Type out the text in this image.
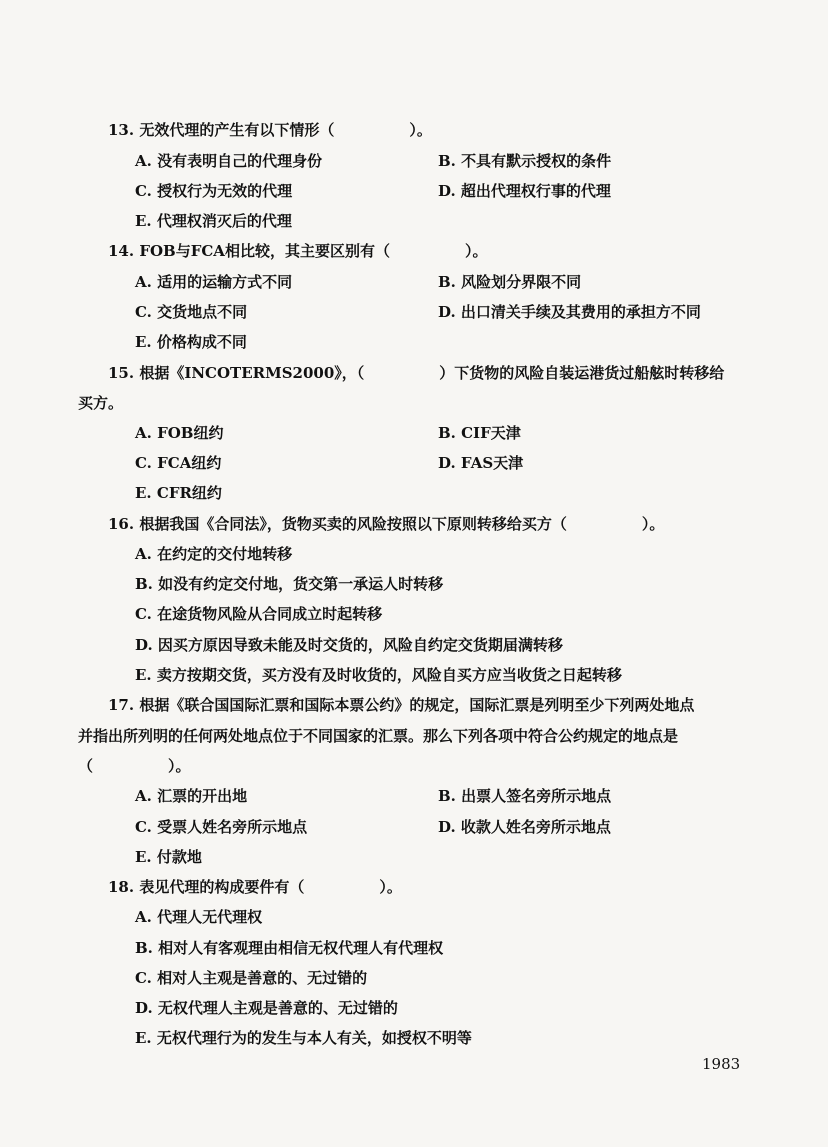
13. 无效代理的产生有以下情形（　　　　　）。
A. 没有表明自己的代理身份	B. 不具有默示授权的条件
C. 授权行为无效的代理	D. 超出代理权行事的代理
E. 代理权消灭后的代理
14. FOB与FCA相比较，其主要区别有（　　　　　）。
A. 适用的运输方式不同	B. 风险划分界限不同
C. 交货地点不同	D. 出口清关手续及其费用的承担方不同
E. 价格构成不同
15. 根据《INCOTERMS2000》，（　　　　　）下货物的风险自装运港货过船舷时转移给
买方。
A. FOB纽约	B. CIF天津
C. FCA纽约	D. FAS天津
E. CFR纽约
16. 根据我国《合同法》，货物买卖的风险按照以下原则转移给买方（　　　　　）。
A. 在约定的交付地转移
B. 如没有约定交付地，货交第一承运人时转移
C. 在途货物风险从合同成立时起转移
D. 因买方原因导致未能及时交货的，风险自约定交货期届满转移
E. 卖方按期交货，买方没有及时收货的，风险自买方应当收货之日起转移
17. 根据《联合国国际汇票和国际本票公约》的规定，国际汇票是列明至少下列两处地点
并指出所列明的任何两处地点位于不同国家的汇票。那么下列各项中符合公约规定的地点是
（　　　　　）。
A. 汇票的开出地	B. 出票人签名旁所示地点
C. 受票人姓名旁所示地点	D. 收款人姓名旁所示地点
E. 付款地
18. 表见代理的构成要件有（　　　　　）。
A. 代理人无代理权
B. 相对人有客观理由相信无权代理人有代理权
C. 相对人主观是善意的、无过错的
D. 无权代理人主观是善意的、无过错的
E. 无权代理行为的发生与本人有关，如授权不明等
1983
